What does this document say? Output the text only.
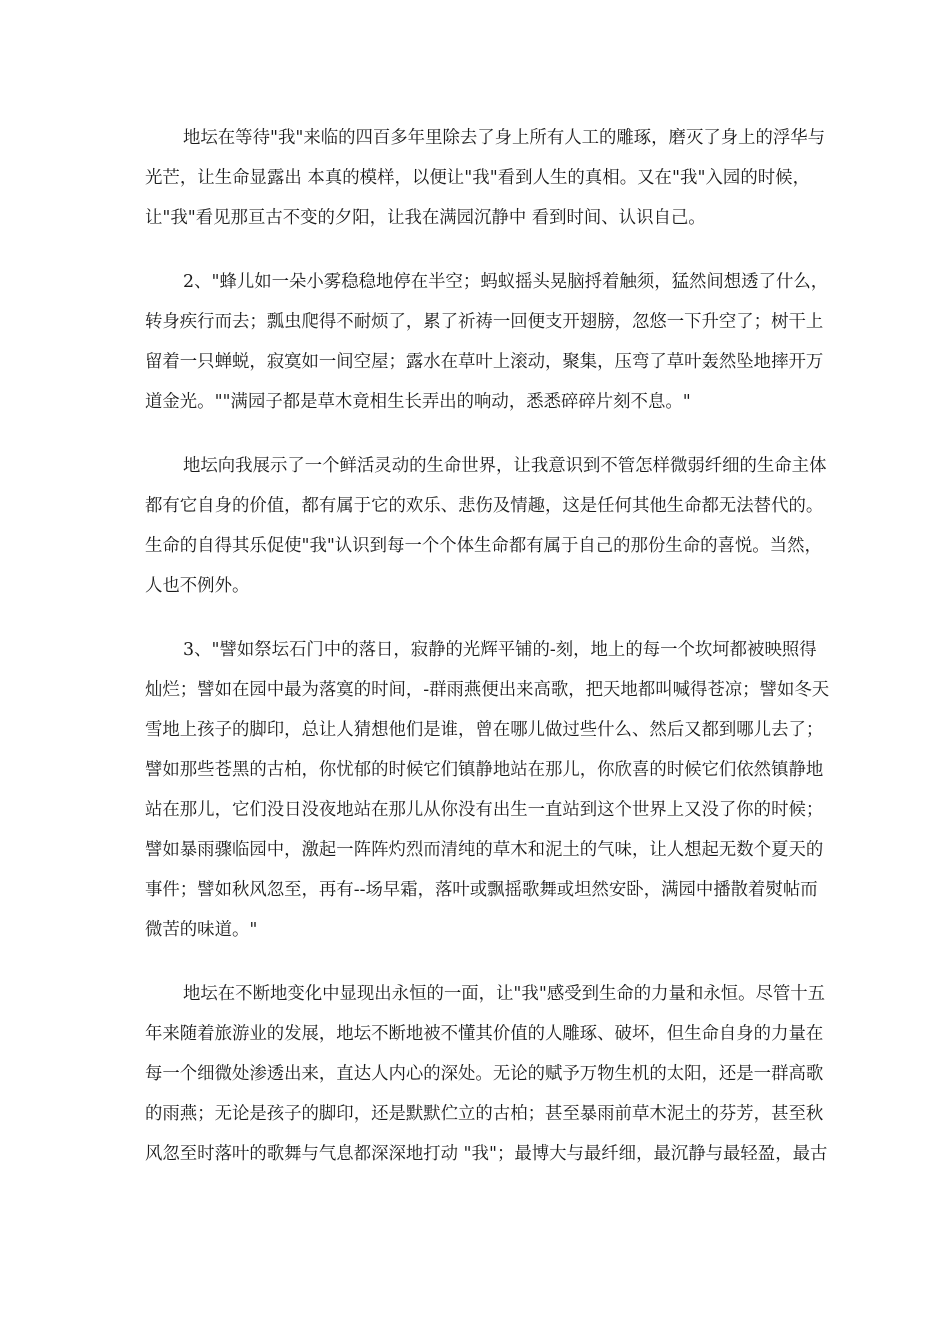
地坛在等待"我"来临的四百多年里除去了身上所有人工的雕琢，磨灭了身上的浮华与
光芒，让生命显露出 本真的模样，以便让"我"看到人生的真相。又在"我"入园的时候，
让"我"看见那亘古不变的夕阳，让我在满园沉静中 看到时间、认识自己。
2、"蜂儿如一朵小雾稳稳地停在半空；蚂蚁摇头晃脑捋着触须，猛然间想透了什么，
转身疾行而去；瓢虫爬得不耐烦了，累了祈祷一回便支开翅膀，忽悠一下升空了；树干上
留着一只蝉蜕，寂寞如一间空屋；露水在草叶上滚动，聚集，压弯了草叶轰然坠地摔开万
道金光。""满园子都是草木竟相生长弄出的响动，悉悉碎碎片刻不息。"
地坛向我展示了一个鲜活灵动的生命世界，让我意识到不管怎样微弱纤细的生命主体
都有它自身的价值，都有属于它的欢乐、悲伤及情趣，这是任何其他生命都无法替代的。
生命的自得其乐促使"我"认识到每一个个体生命都有属于自己的那份生命的喜悦。当然，
人也不例外。
3、"譬如祭坛石门中的落日，寂静的光辉平铺的-刻，地上的每一个坎坷都被映照得
灿烂；譬如在园中最为落寞的时间，-群雨燕便出来高歌，把天地都叫喊得苍凉；譬如冬天
雪地上孩子的脚印，总让人猜想他们是谁，曾在哪儿做过些什么、然后又都到哪儿去了；
譬如那些苍黑的古柏，你忧郁的时候它们镇静地站在那儿，你欣喜的时候它们依然镇静地
站在那儿，它们没日没夜地站在那儿从你没有出生一直站到这个世界上又没了你的时候；
譬如暴雨骤临园中，激起一阵阵灼烈而清纯的草木和泥土的气味，让人想起无数个夏天的
事件；譬如秋风忽至，再有--场早霜，落叶或飘摇歌舞或坦然安卧，满园中播散着熨帖而
微苦的味道。"
地坛在不断地变化中显现出永恒的一面，让"我"感受到生命的力量和永恒。尽管十五
年来随着旅游业的发展，地坛不断地被不懂其价值的人雕琢、破坏，但生命自身的力量在
每一个细微处渗透出来，直达人内心的深处。无论的赋予万物生机的太阳，还是一群高歌
的雨燕；无论是孩子的脚印，还是默默伫立的古柏；甚至暴雨前草木泥土的芬芳，甚至秋
风忽至时落叶的歌舞与气息都深深地打动 "我"；最博大与最纤细，最沉静与最轻盈，最古
